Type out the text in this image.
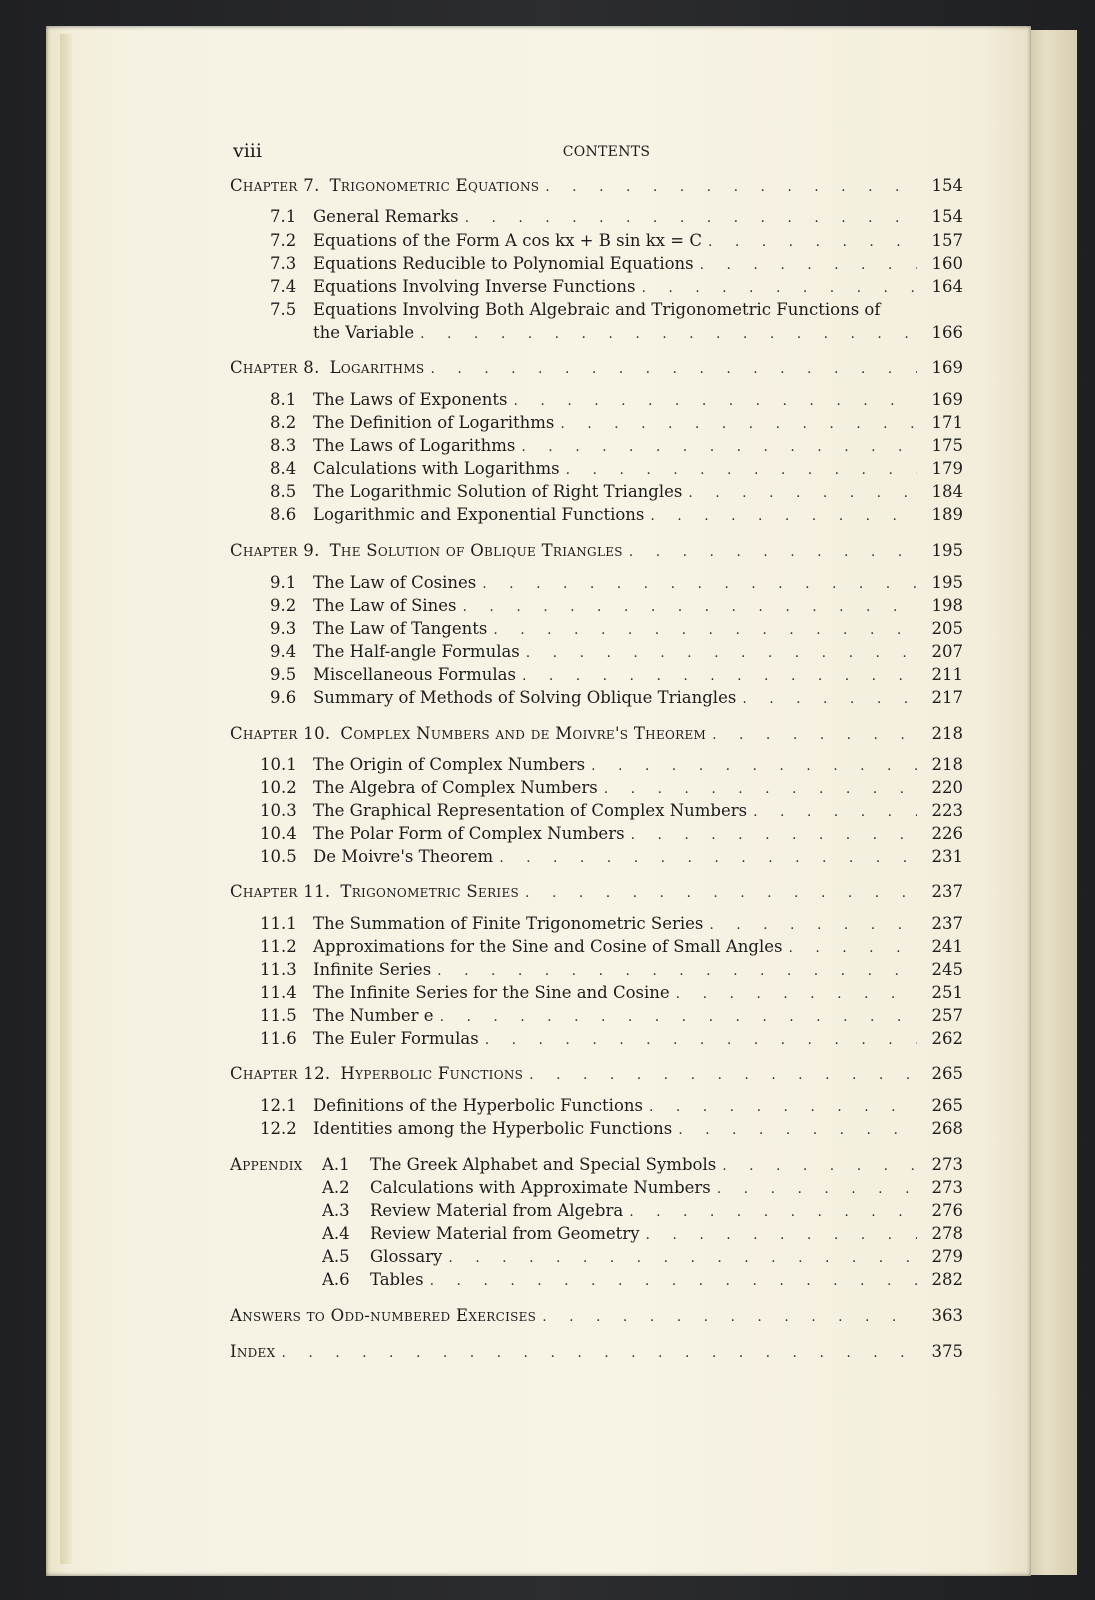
viii	CONTENTS
Chapter 7. Trigonometric Equations . . .	154
7.1	General Remarks . . .	154
7.2	Equations of the Form A cos kx + B sin kx = C . . .	157
7.3	Equations Reducible to Polynomial Equations . . .	160
7.4	Equations Involving Inverse Functions . . .	164
7.5 Equations Involving Both Algebraic and Trigonometric Functions of
the Variable . . .	166
Chapter 8. Logarithms . . .	169
8.1	The Laws of Exponents . . .	169
8.2	The Definition of Logarithms . . .	171
8.3	The Laws of Logarithms . . .	175
8.4	Calculations with Logarithms . . .	179
8.5	The Logarithmic Solution of Right Triangles . . .	184
8.6	Logarithmic and Exponential Functions . . .	189
Chapter 9. The Solution of Oblique Triangles . . .	195
9.1	The Law of Cosines . . .	195
9.2	The Law of Sines . . .	198
9.3	The Law of Tangents . . .	205
9.4	The Half-angle Formulas . . .	207
9.5	Miscellaneous Formulas . . .	211
9.6	Summary of Methods of Solving Oblique Triangles . . .	217
Chapter 10. Complex Numbers and de Moivre's Theorem . . .	218
10.1 The Origin of Complex Numbers . . .	218
10.2 The Algebra of Complex Numbers . . .	220
10.3 The Graphical Representation of Complex Numbers . . .	223
10.4 The Polar Form of Complex Numbers . . .	226
10.5 De Moivre's Theorem . . .	231
Chapter 11. Trigonometric Series . . .	237
11.1 The Summation of Finite Trigonometric Series . . .	237
11.2 Approximations for the Sine and Cosine of Small Angles . . .	241
11.3 Infinite Series . . .	245
11.4 The Infinite Series for the Sine and Cosine . . .	251
11.5 The Number e . . .	257
11.6 The Euler Formulas . . .	262
Chapter 12. Hyperbolic Functions . . .	265
12.1 Definitions of the Hyperbolic Functions . . .	265
12.2 Identities among the Hyperbolic Functions . . .	268
Appendix	A.1	The Greek Alphabet and Special Symbols . . .	273
A.2	Calculations with Approximate Numbers . . .	273
A.3	Review Material from Algebra . . .	276
A.4	Review Material from Geometry . . .	278
A.5	Glossary . . .	279
A.6	Tables . . .	282
Answers to Odd-numbered Exercises . . .	363
Index . . .	375
